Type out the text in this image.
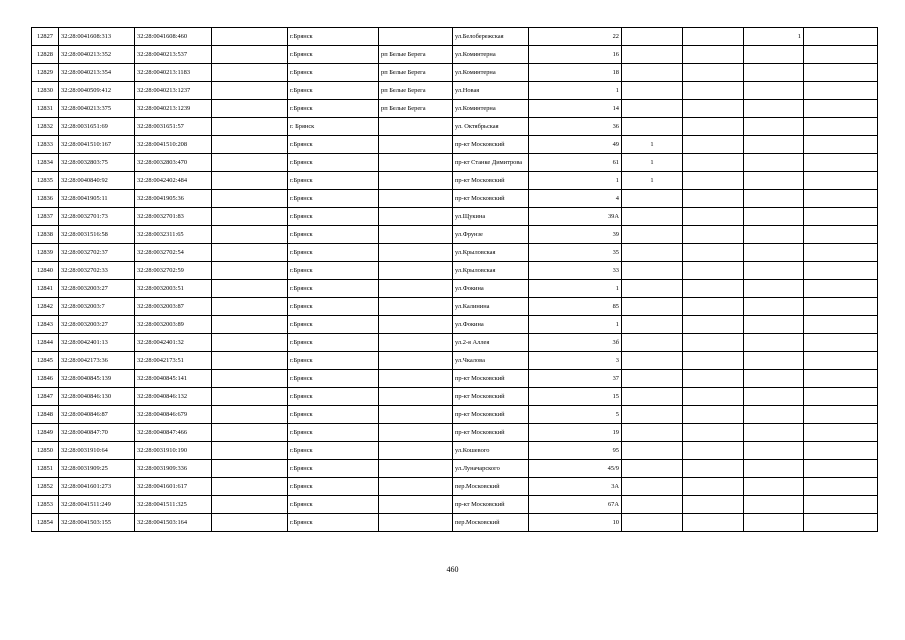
12827	32:28:0041608:313	32:28:0041608:460		г.Брянск		ул.Белобережская	22			1	
12828	32:28:0040213:352	32:28:0040213:537		г.Брянск	рп Белые Берега	ул.Коминтерна	16				
12829	32:28:0040213:354	32:28:0040213:1183		г.Брянск	рп Белые Берега	ул.Коминтерна	18				
12830	32:28:0040509:412	32:28:0040213:1237		г.Брянск	рп Белые Берега	ул.Новая	1				
12831	32:28:0040213:375	32:28:0040213:1239		г.Брянск	рп Белые Берега	ул.Коминтерна	14				
12832	32:28:0031651:69	32:28:0031651:57		г. Брянск		ул. Октябрьская	36				
12833	32:28:0041510:167	32:28:0041510:208		г.Брянск		пр-кт Московский	49	1			
12834	32:28:0032803:75	32:28:0032803:470		г.Брянск		пр-кт Станке Димитрова	61	1			
12835	32:28:0040840:92	32:28:0042402:484		г.Брянск		пр-кт Московский	1	1			
12836	32:28:0041905:11	32:28:0041905:36		г.Брянск		пр-кт Московский	4				
12837	32:28:0032701:73	32:28:0032701:83		г.Брянск		ул.Щукина	39А				
12838	32:28:0031516:58	32:28:0032311:65		г.Брянск		ул.Фрунзе	39				
12839	32:28:0032702:37	32:28:0032702:54		г.Брянск		ул.Крыловская	35				
12840	32:28:0032702:33	32:28:0032702:59		г.Брянск		ул.Крыловская	33				
12841	32:28:0032003:27	32:28:0032003:51		г.Брянск		ул.Фокина	1				
12842	32:28:0032003:7	32:28:0032003:87		г.Брянск		ул.Калинина	85				
12843	32:28:0032003:27	32:28:0032003:89		г.Брянск		ул.Фокина	1				
12844	32:28:0042401:13	32:28:0042401:32		г.Брянск		ул.2-я Аллея	3б				
12845	32:28:0042173:36	32:28:0042173:51		г.Брянск		ул.Чкалова	3				
12846	32:28:0040845:139	32:28:0040845:141		г.Брянск		пр-кт Московский	37				
12847	32:28:0040846:130	32:28:0040846:132		г.Брянск		пр-кт Московский	15				
12848	32:28:0040846:87	32:28:0040846:679		г.Брянск		пр-кт Московский	5				
12849	32:28:0040847:70	32:28:0040847:466		г.Брянск		пр-кт Московский	19				
12850	32:28:0031910:64	32:28:0031910:190		г.Брянск		ул.Кошевого	95				
12851	32:28:0031909:25	32:28:0031909:336		г.Брянск		ул.Луначарского	45/9				
12852	32:28:0041601:273	32:28:0041601:617		г.Брянск		пер.Московский	3А				
12853	32:28:0041511:249	32:28:0041511:325		г.Брянск		пр-кт Московский	67А				
12854	32:28:0041503:155	32:28:0041503:164		г.Брянск		пер.Московский	10				
460
